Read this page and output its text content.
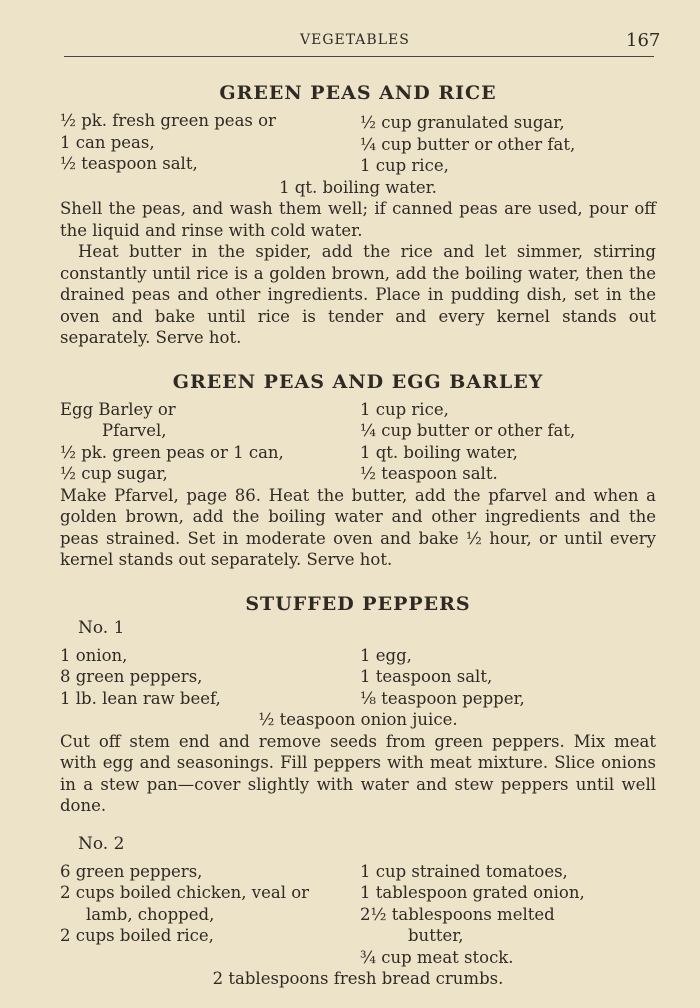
VEGETABLES	167
GREEN PEAS AND RICE
½ pk. fresh green peas or
1 can peas,
½ teaspoon salt,
½ cup granulated sugar,
¼ cup butter or other fat,
1 cup rice,
1 qt. boiling water.

Shell the peas, and wash them well; if canned peas are used, pour off the liquid and rinse with cold water.

Heat butter in the spider, add the rice and let simmer, stirring constantly until rice is a golden brown, add the boiling water, then the drained peas and other ingredients. Place in pudding dish, set in the oven and bake until rice is tender and every kernel stands out separately. Serve hot.

GREEN PEAS AND EGG BARLEY
Egg Barley or
Pfarvel,
½ pk. green peas or 1 can,
½ cup sugar,
1 cup rice,
¼ cup butter or other fat,
1 qt. boiling water,
½ teaspoon salt.

Make Pfarvel, page 86. Heat the butter, add the pfarvel and when a golden brown, add the boiling water and other ingredients and the peas strained. Set in moderate oven and bake ½ hour, or until every kernel stands out separately. Serve hot.

STUFFED PEPPERS
No. 1
1 onion,
8 green peppers,
1 lb. lean raw beef,
1 egg,
1 teaspoon salt,
⅛ teaspoon pepper,
½ teaspoon onion juice.

Cut off stem end and remove seeds from green peppers. Mix meat with egg and seasonings. Fill peppers with meat mixture. Slice onions in a stew pan—cover slightly with water and stew peppers until well done.

No. 2
6 green peppers,
2 cups boiled chicken, veal or
lamb, chopped,
2 cups boiled rice,
1 cup strained tomatoes,
1 tablespoon grated onion,
2½ tablespoons melted
butter,
¾ cup meat stock.
2 tablespoons fresh bread crumbs.
